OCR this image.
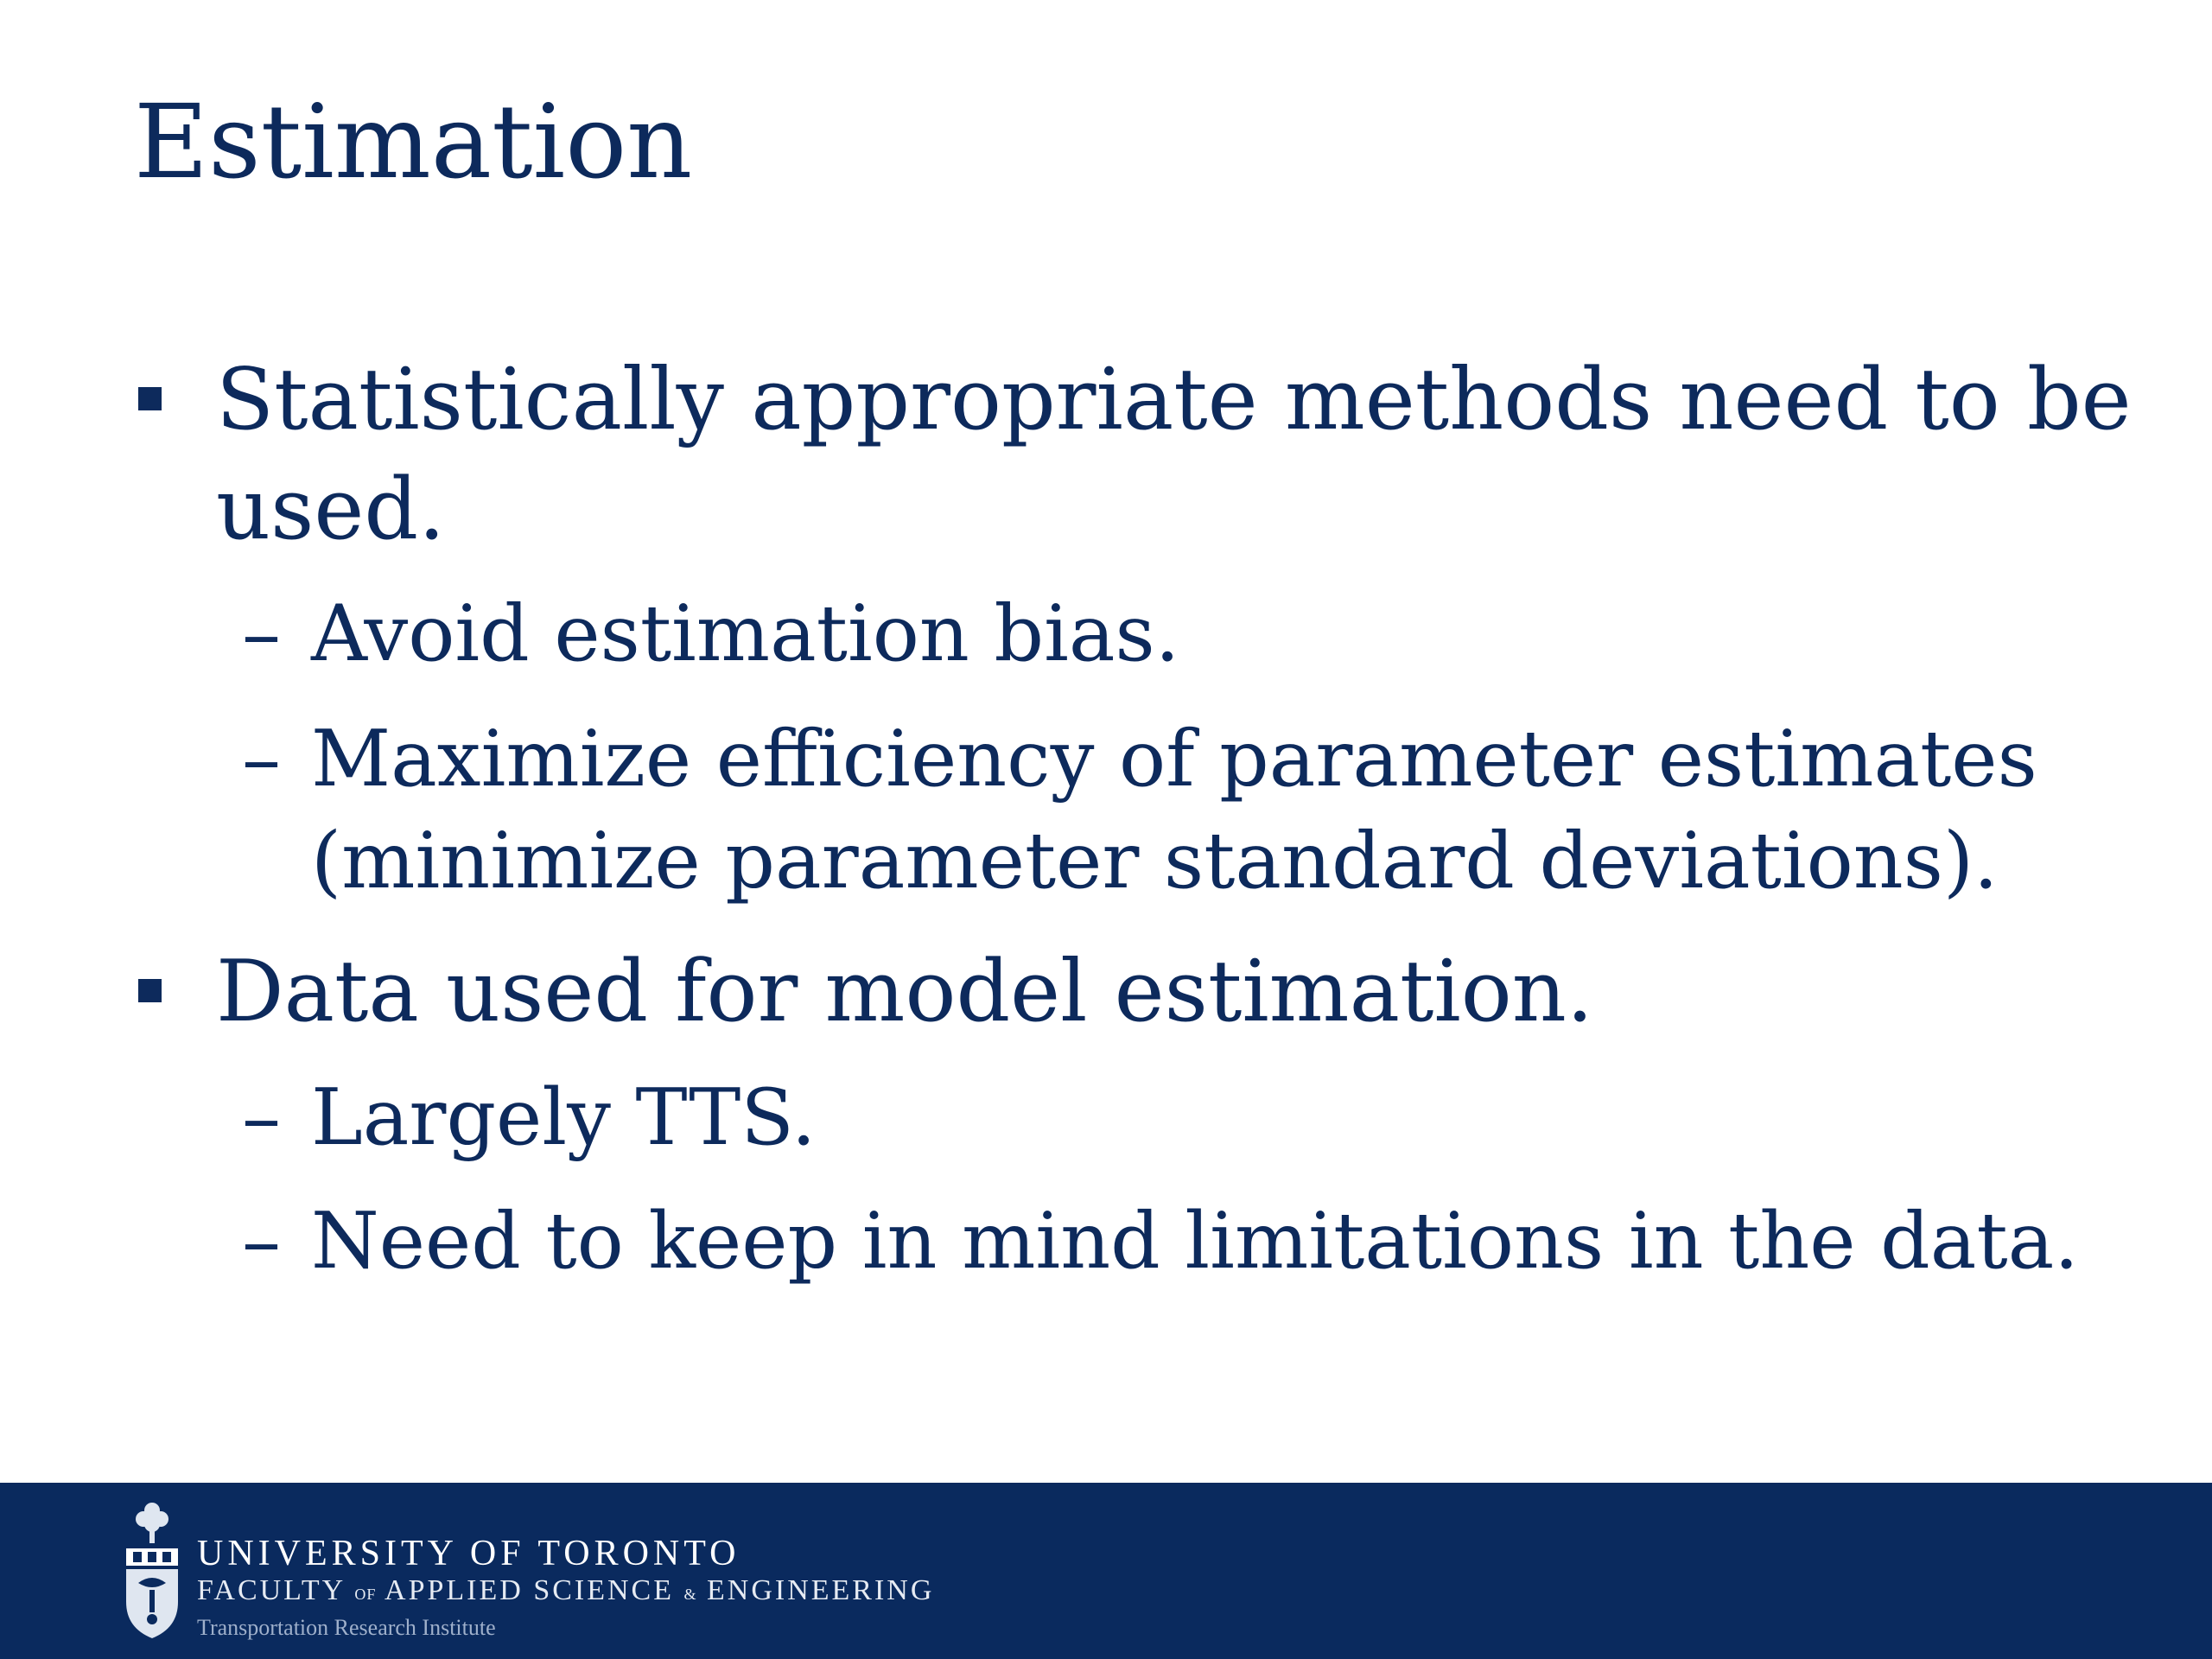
Estimation
Statistically appropriate methods need to be used.
– Avoid estimation bias.
– Maximize efficiency of parameter estimates (minimize parameter standard deviations).
Data used for model estimation.
– Largely TTS.
– Need to keep in mind limitations in the data.
UNIVERSITY OF TORONTO
FACULTY OF APPLIED SCIENCE & ENGINEERING
Transportation Research Institute
